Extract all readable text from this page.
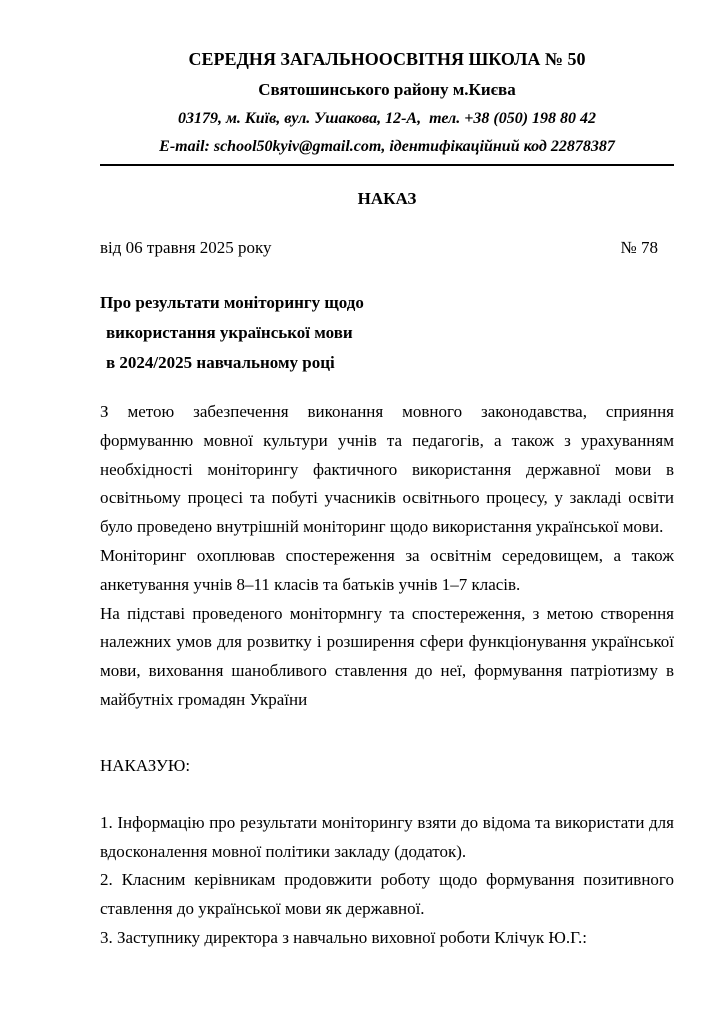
СЕРЕДНЯ ЗАГАЛЬНООСВІТНЯ ШКОЛА № 50
Святошинського району м.Києва
03179, м. Київ, вул. Ушакова, 12-А,  тел. +38 (050) 198 80 42
E-mail: school50kyiv@gmail.com, ідентифікаційний код 22878387
НАКАЗ
від 06 травня 2025 року	№ 78
Про результати моніторингу щодо
використання української мови
в 2024/2025 навчальному році
З метою забезпечення виконання мовного законодавства, сприяння
формуванню мовної культури учнів та педагогів, а також з урахуванням
необхідності моніторингу фактичного використання державної мови в
освітньому процесі та побуті учасників освітнього процесу, у закладі освіти
було проведено внутрішній моніторинг щодо використання української мови.
Моніторинг охоплював спостереження за освітнім середовищем, а також
анкетування учнів 8–11 класів та батьків учнів 1–7 класів.
На підставі проведеного монітормнгу та спостереження, з метою створення
належних умов для розвитку і розширення сфери функціонування української
мови, виховання шанобливого ставлення до неї, формування патріотизму в
майбутніх громадян України
НАКАЗУЮ:
1. Інформацію про результати моніторингу взяти до відома та використати для
вдосконалення мовної політики закладу (додаток).
2. Класним керівникам продовжити роботу щодо формування позитивного
ставлення до української мови як державної.
3. Заступнику директора з навчально виховної роботи Клічук Ю.Г.:
